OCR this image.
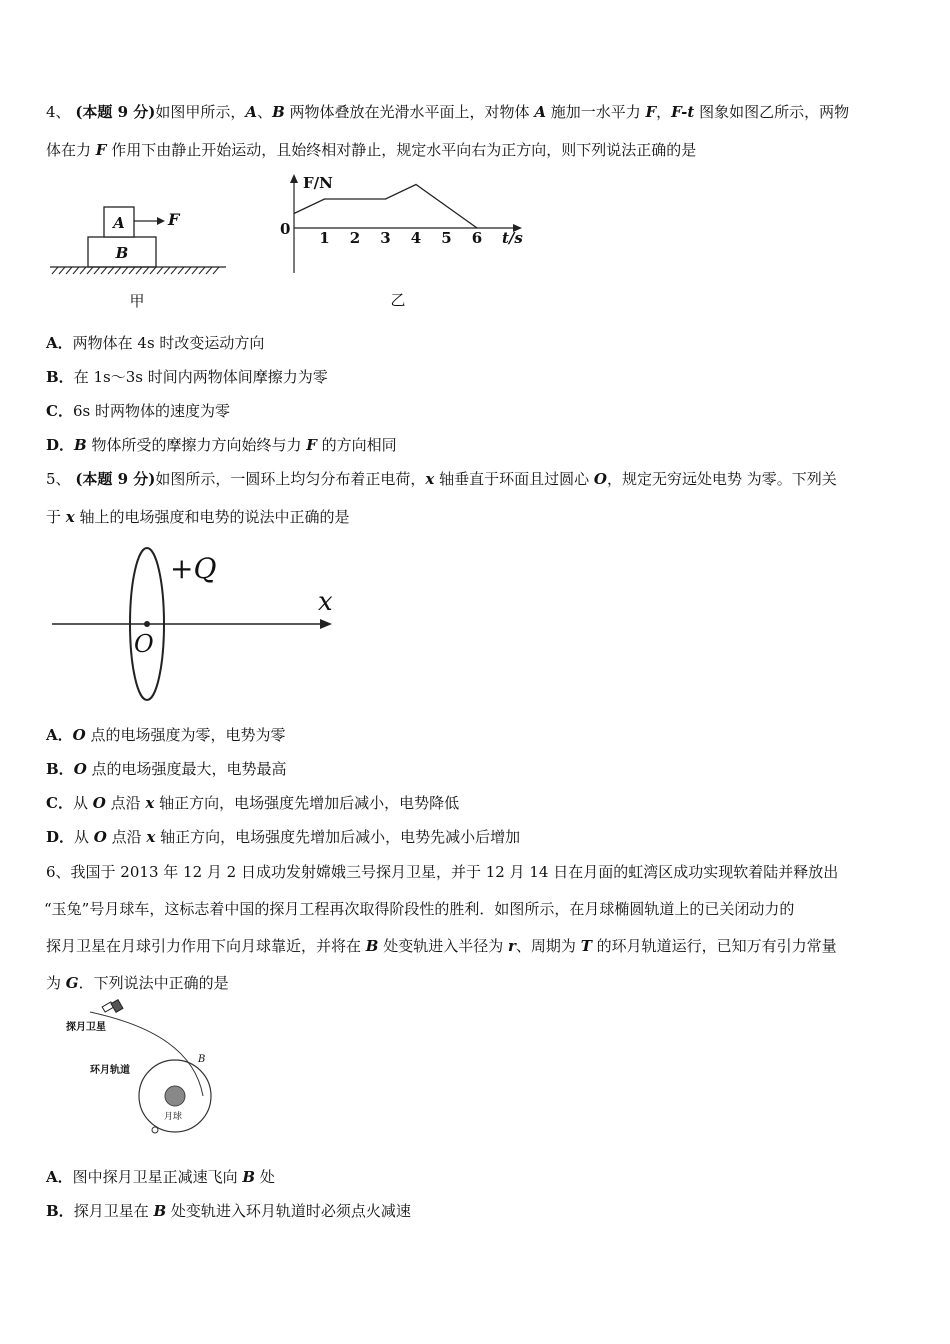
4、 (本题 9 分)如图甲所示，A、B 两物体叠放在光滑水平面上，对物体 A 施加一水平力 F，F-t 图象如图乙所示，两物
体在力 F 作用下由静止开始运动，且始终相对静止，规定水平向右为正方向，则下列说法正确的是
A
B
F
甲
F/N
t/s
0 1 2 3 4 5 6
乙
A．两物体在 4s 时改变运动方向
B．在 1s～3s 时间内两物体间摩擦力为零
C．6s 时两物体的速度为零
D．B 物体所受的摩擦力方向始终与力 F 的方向相同
5、 (本题 9 分)如图所示，一圆环上均匀分布着正电荷，x 轴垂直于环面且过圆心 O，规定无穷远处电势 为零。下列关
于 x 轴上的电场强度和电势的说法中正确的是
+Q
x
O
A．O 点的电场强度为零，电势为零
B．O 点的电场强度最大，电势最高
C．从 O 点沿 x 轴正方向，电场强度先增加后减小，电势降低
D．从 O 点沿 x 轴正方向，电场强度先增加后减小，电势先减小后增加
6、我国于 2013 年 12 月 2 日成功发射嫦娥三号探月卫星，并于 12 月 14 日在月面的虹湾区成功实现软着陆并释放出
“玉兔”号月球车，这标志着中国的探月工程再次取得阶段性的胜利．如图所示，在月球椭圆轨道上的已关闭动力的
探月卫星在月球引力作用下向月球靠近，并将在 B 处变轨进入半径为 r、周期为 T 的环月轨道运行，已知万有引力常量
为 G．下列说法中正确的是
探月卫星
环月轨道
月球
B
A．图中探月卫星正减速飞向 B 处
B．探月卫星在 B 处变轨进入环月轨道时必须点火减速
